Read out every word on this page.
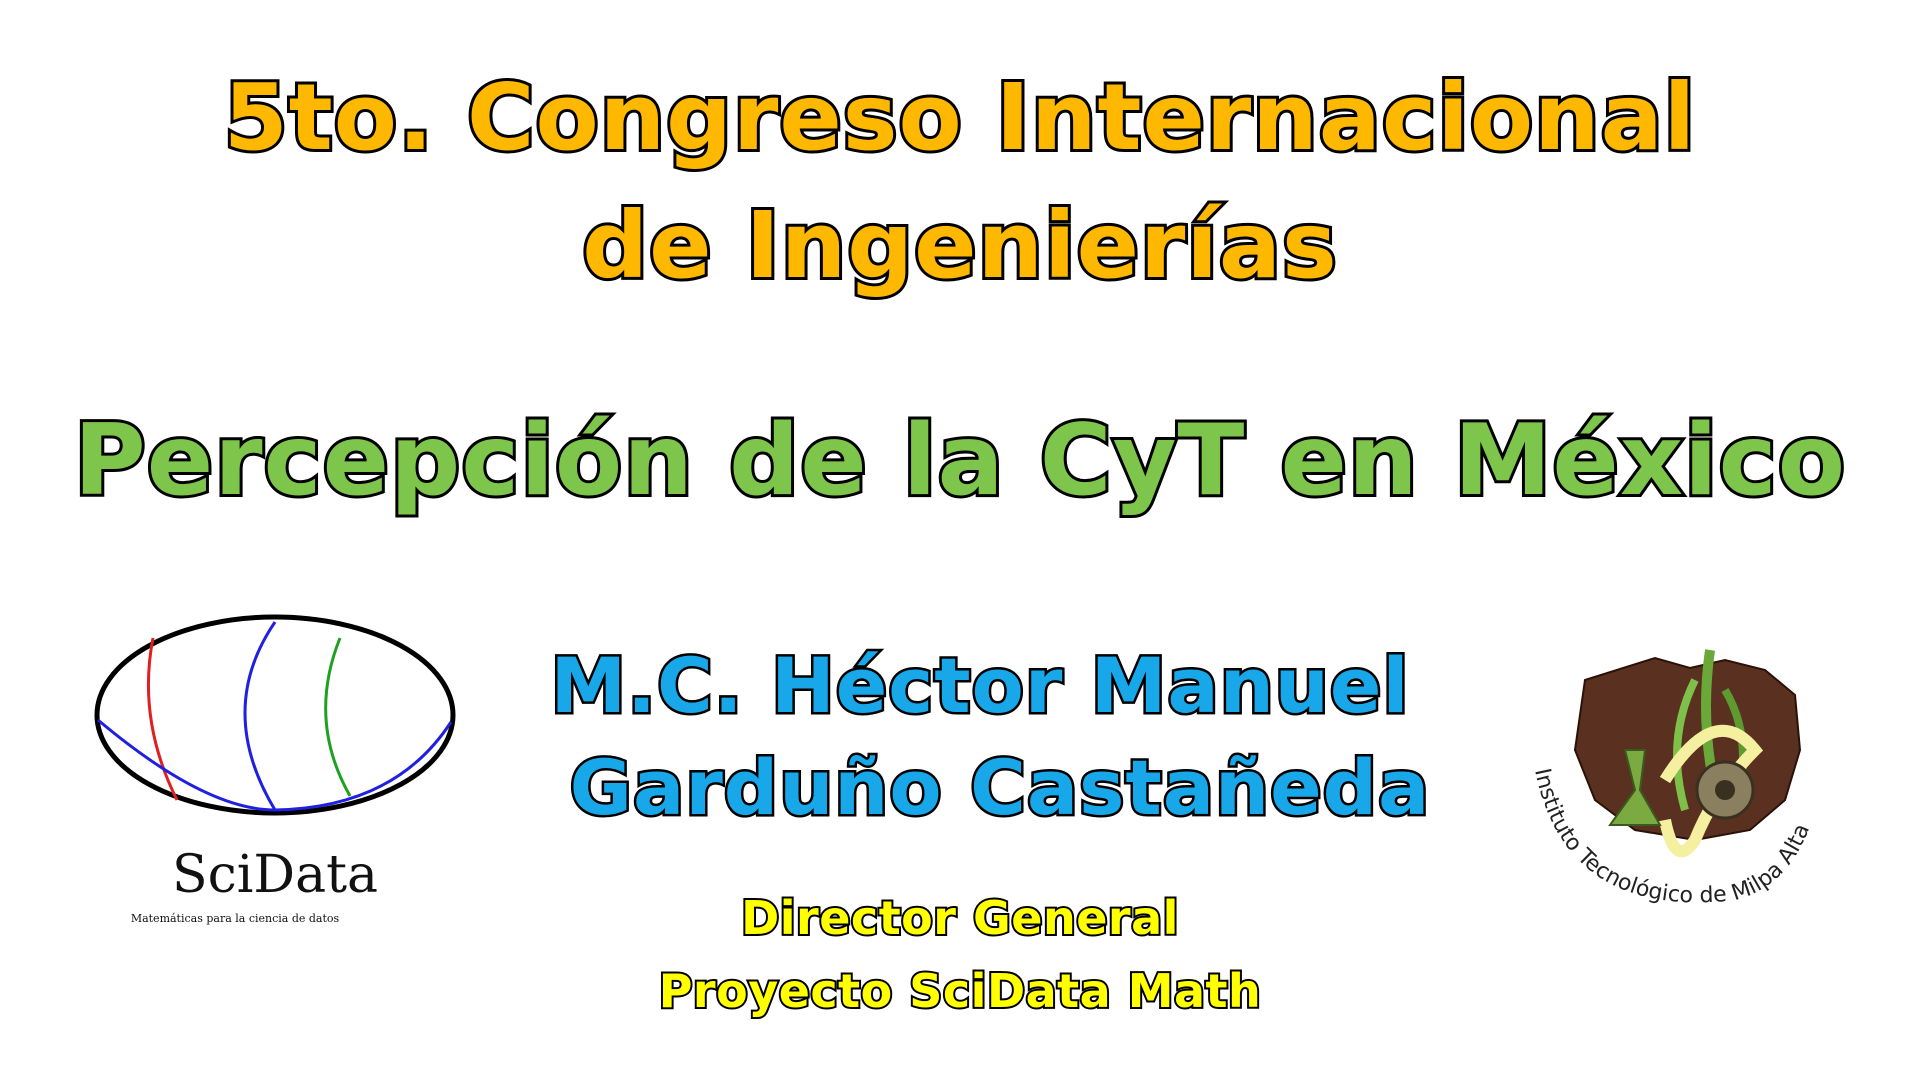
5to. Congreso Internacional
de Ingenierías
Percepción de la CyT en México
M.C. Héctor Manuel
Garduño Castañeda
Director General
Proyecto SciData Math
SciData
Matemáticas para la ciencia de datos
Instituto Tecnológico de Milpa Alta
